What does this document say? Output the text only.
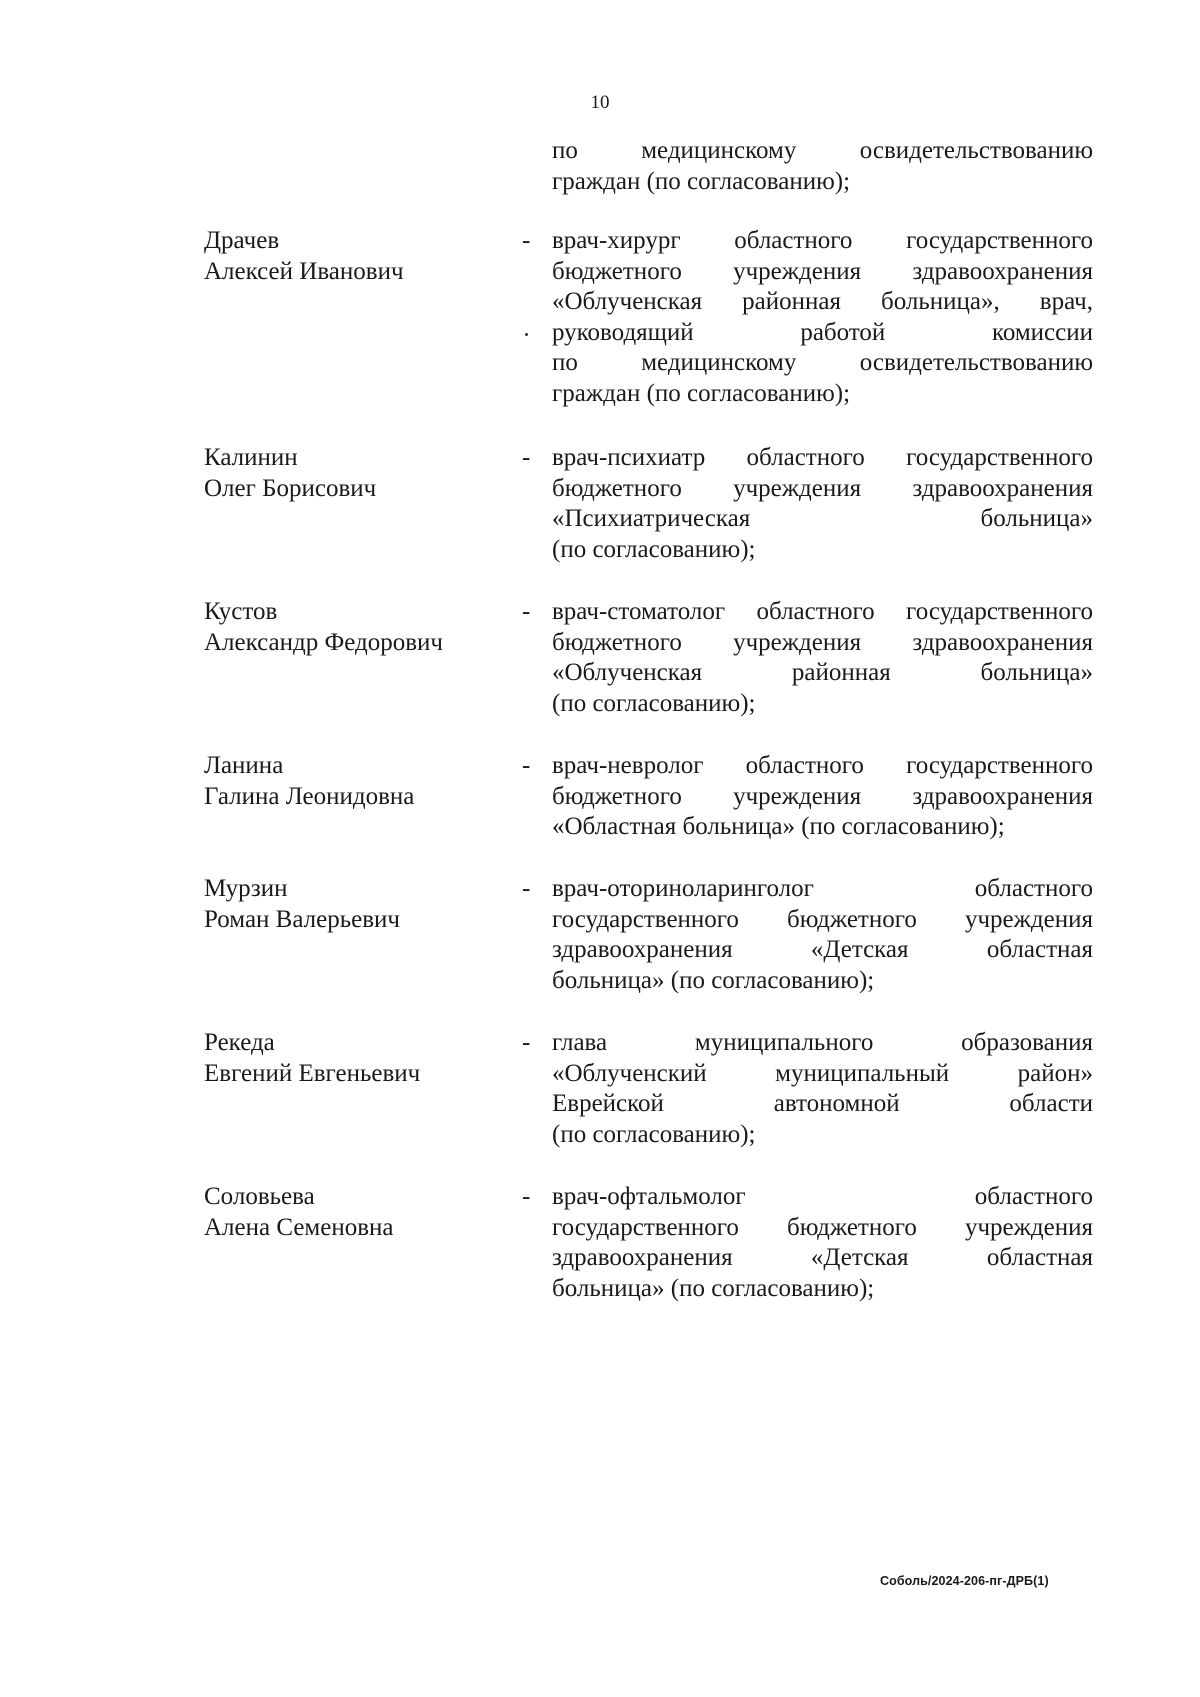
10
по медицинскому освидетельствованию
граждан (по согласованию);
Драчев
Алексей Иванович
- врач-хирург областного государственного
бюджетного учреждения здравоохранения
«Облученская районная больница», врач,
руководящий работой комиссии
по медицинскому освидетельствованию
граждан (по согласованию);
Калинин
Олег Борисович
- врач-психиатр областного государственного
бюджетного учреждения здравоохранения
«Психиатрическая больница»
(по согласованию);
Кустов
Александр Федорович
- врач-стоматолог областного государственного
бюджетного учреждения здравоохранения
«Облученская районная больница»
(по согласованию);
Ланина
Галина Леонидовна
- врач-невролог областного государственного
бюджетного учреждения здравоохранения
«Областная больница» (по согласованию);
Мурзин
Роман Валерьевич
- врач-оториноларинголог областного
государственного бюджетного учреждения
здравоохранения «Детская областная
больница» (по согласованию);
Рекеда
Евгений Евгеньевич
- глава муниципального образования
«Облученский муниципальный район»
Еврейской автономной области
(по согласованию);
Соловьева
Алена Семеновна
- врач-офтальмолог областного
государственного бюджетного учреждения
здравоохранения «Детская областная
больница» (по согласованию);
Соболь/2024-206-пг-ДРБ(1)
